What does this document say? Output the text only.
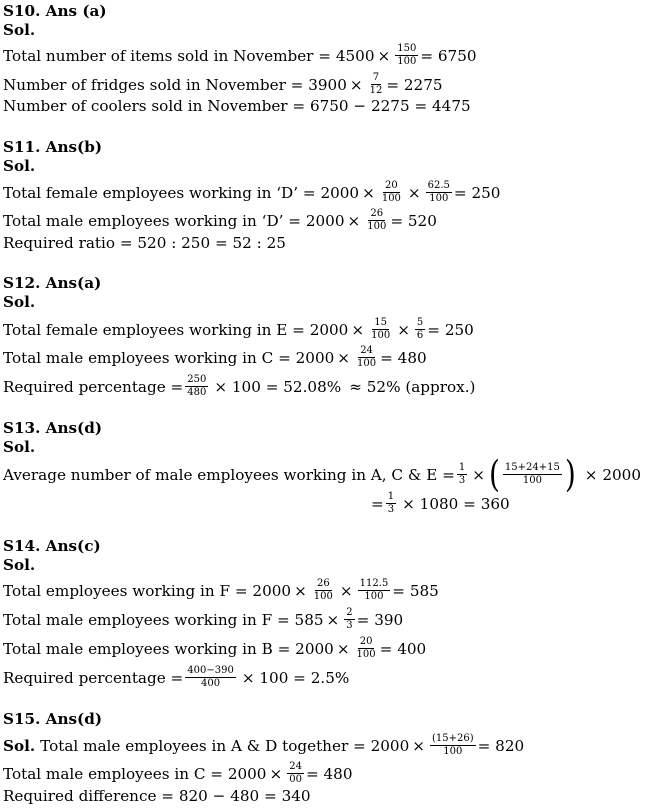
S10. Ans (a)
Sol.
Total number of items sold in November = $4500 \times \frac{150}{100} = 6750$
Number of fridges sold in November = $3900 \times \frac{7}{12} = 2275$
Number of coolers sold in November = 6750 − 2275 = 4475
S11. Ans(b)
Sol.
Total female employees working in ‘D’ = $2000 \times \frac{20}{100} \times \frac{62.5}{100} = 250$
Total male employees working in ‘D’ = $2000 \times \frac{26}{100} = 520$
Required ratio = 520 : 250 = 52 : 25
S12. Ans(a)
Sol.
Total female employees working in $E = 2000 \times \frac{15}{100} \times \frac{5}{6} = 250$
Total male employees working in $C = 2000 \times \frac{24}{100} = 480$
Required percentage = $\frac{250}{480} \times 100 = 52.08\% \approx 52\%$ (approx.)
S13. Ans(d)
Sol.
Average number of male employees working in A, C & $E = \frac{1}{3}$ × ( $\frac{15+24+15}{100}$ ) × 2000
= $\frac{1}{3} \times 1080 = 360$
S14. Ans(c)
Sol.
Total employees working in $F = 2000 \times \frac{26}{100} \times \frac{112.5}{100} = 585$
Total male employees working in $F = 585 \times \frac{2}{3} = 390$
Total male employees working in $B = 2000 \times \frac{20}{100} = 400$
Required percentage = $\frac{400-390}{400} \times 100 = 2.5\%$
S15. Ans(d)
Sol. Total male employees in A & D together = $2000 \times \frac{(15+26)}{100} = 820$
Total male employees in $C = 2000 \times \frac{24}{00} = 480$
Required difference = 820 − 480 = 340
